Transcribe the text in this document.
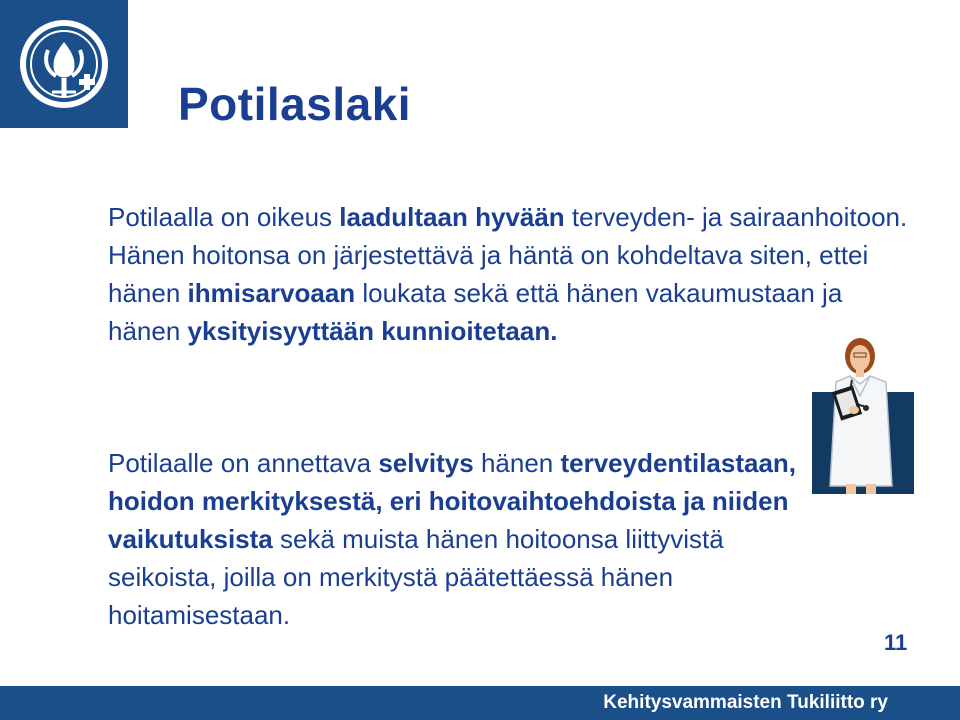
Potilaslaki
Potilaalla on oikeus laadultaan hyvään terveyden- ja sairaanhoitoon. Hänen hoitonsa on järjestettävä ja häntä on kohdeltava siten, ettei hänen ihmisarvoaan loukata sekä että hänen vakaumustaan ja hänen yksityisyyttään kunnioitetaan.
Potilaalle on annettava selvitys hänen terveydentilastaan, hoidon merkityksestä, eri hoitovaihtoehdoista ja niiden vaikutuksista sekä muista hänen hoitoonsa liittyvistä seikoista, joilla on merkitystä päätettäessä hänen hoitamisestaan.
11
Kehitysvammaisten Tukiliitto ry
